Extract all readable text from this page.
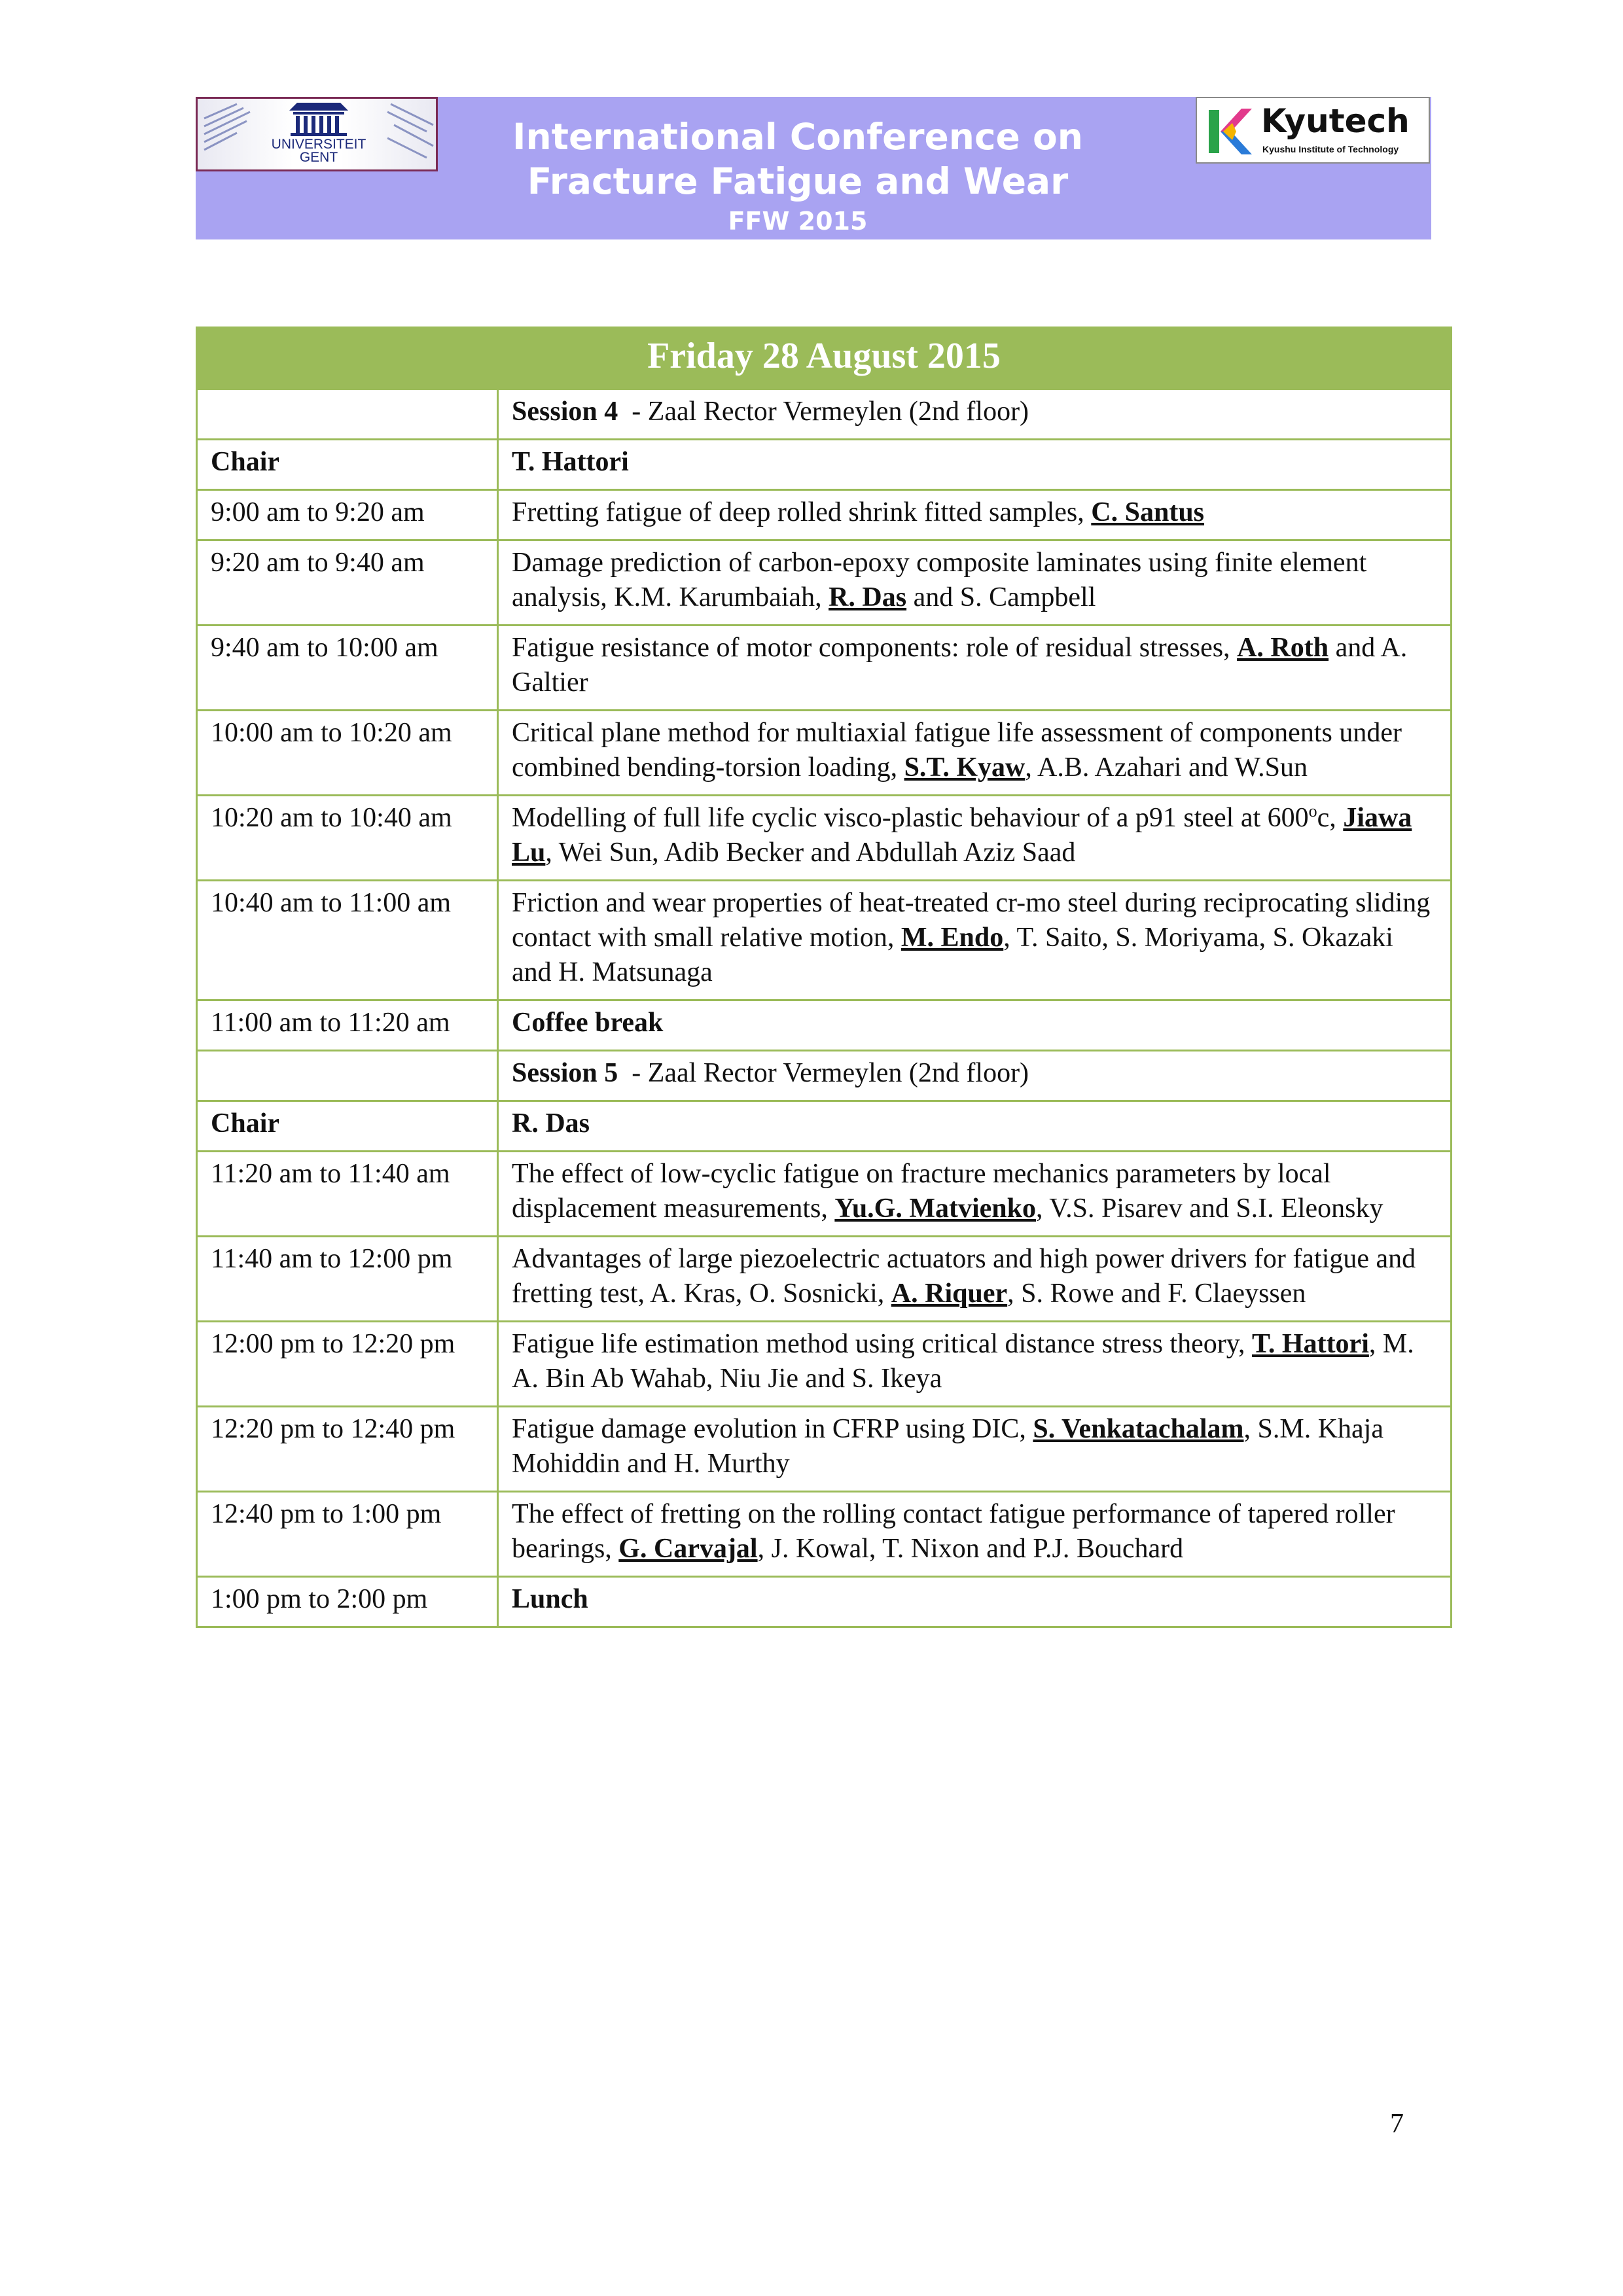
UNIVERSITEIT
GENT	International Conference on
Fracture Fatigue and Wear
FFW 2015
Kyutech
Kyushu Institute of Technology
Friday 28 August 2015	
	Session 4  - Zaal Rector Vermeylen (2nd floor)
Chair	T. Hattori
9:00 am to 9:20 am	Fretting fatigue of deep rolled shrink fitted samples, C. Santus
9:20 am to 9:40 am	Damage prediction of carbon-epoxy composite laminates using finite element analysis, K.M. Karumbaiah, R. Das and S. Campbell
9:40 am to 10:00 am	Fatigue resistance of motor components: role of residual stresses, A. Roth and A. Galtier
10:00 am to 10:20 am	Critical plane method for multiaxial fatigue life assessment of components under combined bending-torsion loading, S.T. Kyaw, A.B. Azahari and W.Sun
10:20 am to 10:40 am	Modelling of full life cyclic visco-plastic behaviour of a p91 steel at 600$^o$c, Jiawa Lu, Wei Sun, Adib Becker and Abdullah Aziz Saad
10:40 am to 11:00 am	Friction and wear properties of heat-treated cr-mo steel during reciprocating sliding contact with small relative motion, M. Endo, T. Saito, S. Moriyama, S. Okazaki and H. Matsunaga
11:00 am to 11:20 am	Coffee break
	Session 5  - Zaal Rector Vermeylen (2nd floor)
Chair	R. Das
11:20 am to 11:40 am	The effect of low-cyclic fatigue on fracture mechanics parameters by local displacement measurements, Yu.G. Matvienko, V.S. Pisarev and S.I. Eleonsky
11:40 am to 12:00 pm	Advantages of large piezoelectric actuators and high power drivers for fatigue and fretting test, A. Kras, O. Sosnicki, A. Riquer, S. Rowe and F. Claeyssen
12:00 pm to 12:20 pm	Fatigue life estimation method using critical distance stress theory, T. Hattori, M. A. Bin Ab Wahab, Niu Jie and S. Ikeya
12:20 pm to 12:40 pm	Fatigue damage evolution in CFRP using DIC, S. Venkatachalam, S.M. Khaja Mohiddin and H. Murthy
12:40 pm to 1:00 pm	The effect of fretting on the rolling contact fatigue performance of tapered roller bearings, G. Carvajal, J. Kowal, T. Nixon and P.J. Bouchard
1:00 pm to 2:00 pm	Lunch
7
